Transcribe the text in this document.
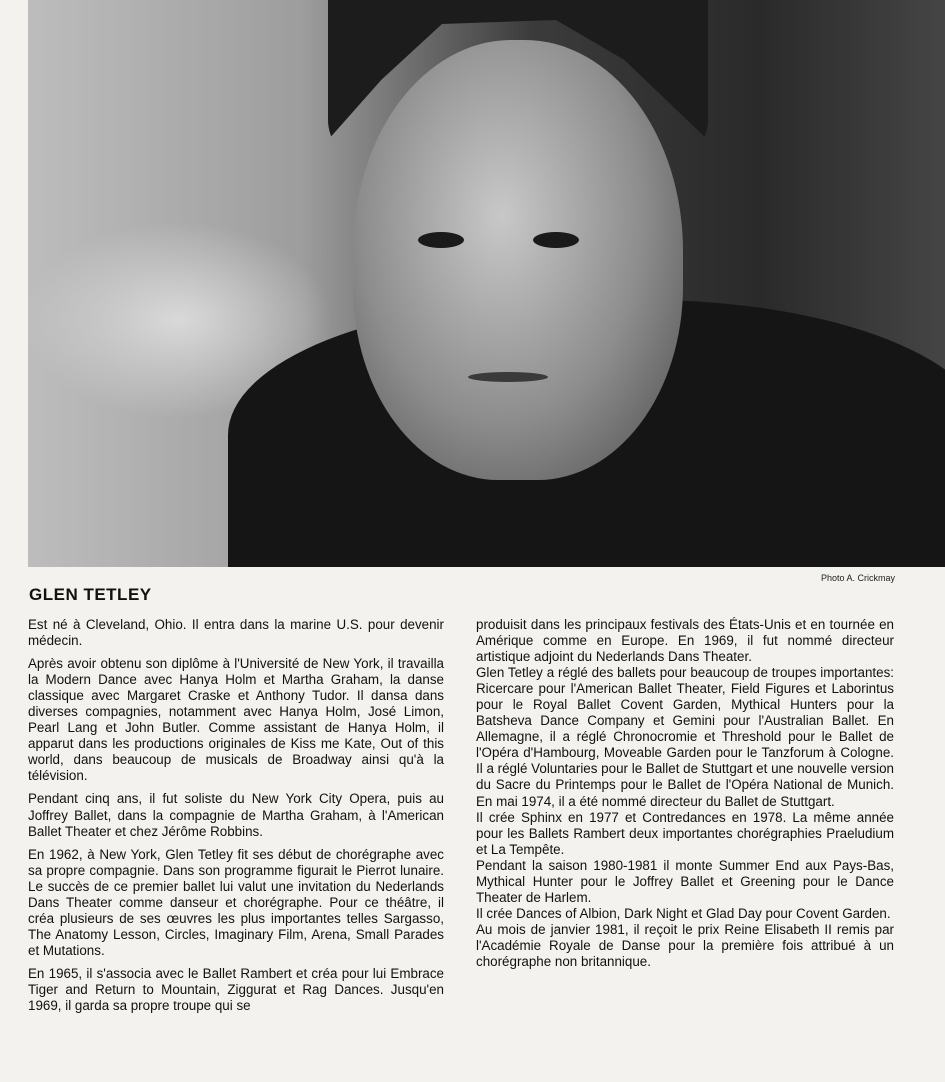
Photo A. Crickmay
GLEN TETLEY

Est né à Cleveland, Ohio. Il entra dans la marine U.S. pour devenir médecin.

Après avoir obtenu son diplôme à l'Université de New York, il travailla la Modern Dance avec Hanya Holm et Martha Graham, la danse classique avec Margaret Craske et Anthony Tudor. Il dansa dans diverses compagnies, notamment avec Hanya Holm, José Limon, Pearl Lang et John Butler. Comme assistant de Hanya Holm, il apparut dans les productions originales de Kiss me Kate, Out of this world, dans beaucoup de musicals de Broadway ainsi qu'à la télévision.

Pendant cinq ans, il fut soliste du New York City Opera, puis au Joffrey Ballet, dans la compagnie de Martha Graham, à l'American Ballet Theater et chez Jérôme Robbins.

En 1962, à New York, Glen Tetley fit ses début de chorégraphe avec sa propre compagnie. Dans son programme figurait le Pierrot lunaire. Le succès de ce premier ballet lui valut une invitation du Nederlands Dans Theater comme danseur et chorégraphe. Pour ce théâtre, il créa plusieurs de ses œuvres les plus importantes telles Sargasso, The Anatomy Lesson, Circles, Imaginary Film, Arena, Small Parades et Mutations.

En 1965, il s'associa avec le Ballet Rambert et créa pour lui Embrace Tiger and Return to Mountain, Ziggurat et Rag Dances. Jusqu'en 1969, il garda sa propre troupe qui se

produisit dans les principaux festivals des États-Unis et en tournée en Amérique comme en Europe. En 1969, il fut nommé directeur artistique adjoint du Nederlands Dans Theater.

Glen Tetley a réglé des ballets pour beaucoup de troupes importantes: Ricercare pour l'American Ballet Theater, Field Figures et Laborintus pour le Royal Ballet Covent Garden, Mythical Hunters pour la Batsheva Dance Company et Gemini pour l'Australian Ballet. En Allemagne, il a réglé Chronocromie et Threshold pour le Ballet de l'Opéra d'Hambourg, Moveable Garden pour le Tanzforum à Cologne. Il a réglé Voluntaries pour le Ballet de Stuttgart et une nouvelle version du Sacre du Printemps pour le Ballet de l'Opéra National de Munich. En mai 1974, il a été nommé directeur du Ballet de Stuttgart.

Il crée Sphinx en 1977 et Contredances en 1978. La même année pour les Ballets Rambert deux importantes chorégraphies Praeludium et La Tempête.

Pendant la saison 1980-1981 il monte Summer End aux Pays-Bas, Mythical Hunter pour le Joffrey Ballet et Greening pour le Dance Theater de Harlem.

Il crée Dances of Albion, Dark Night et Glad Day pour Covent Garden.

Au mois de janvier 1981, il reçoit le prix Reine Elisabeth II remis par l'Académie Royale de Danse pour la première fois attribué à un chorégraphe non britannique.
